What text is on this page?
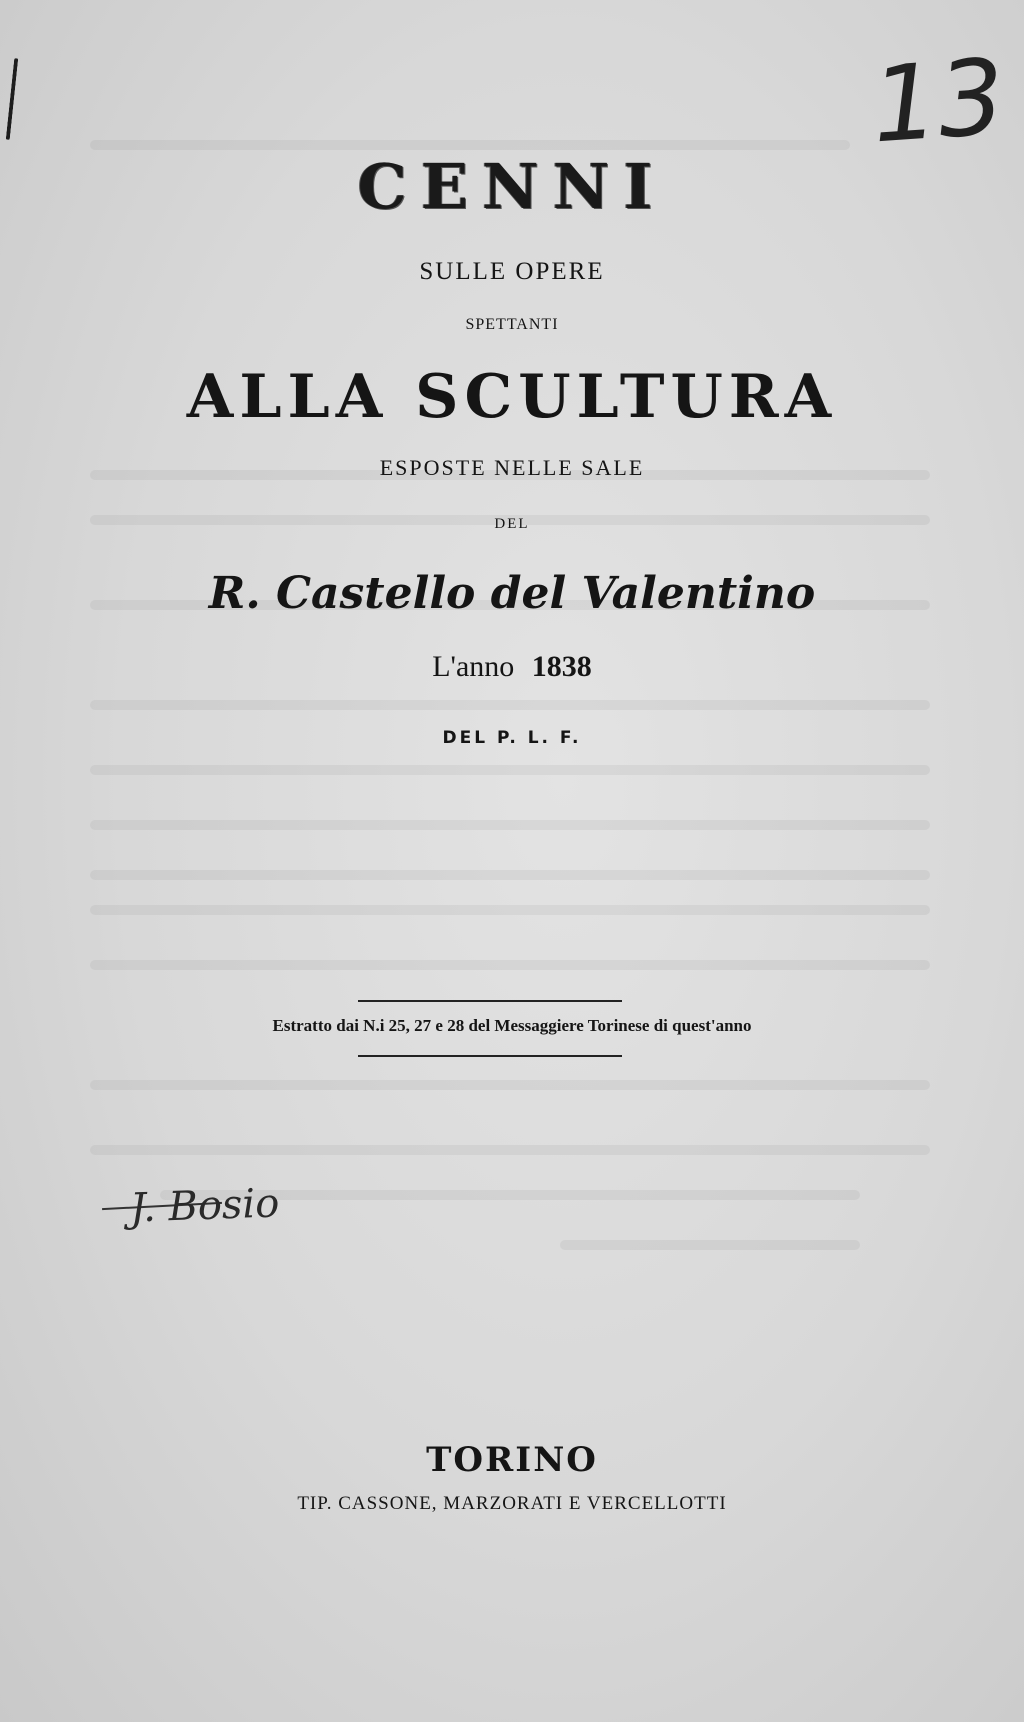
13
CENNI
SULLE OPERE
SPETTANTI
ALLA SCULTURA
ESPOSTE NELLE SALE
DEL
R. Castello del Valentino
L'anno 1838
DEL P. L. F.
Estratto dai N.i 25, 27 e 28 del Messaggiere Torinese di quest'anno
J. Bosio
TORINO
TIP. CASSONE, MARZORATI E VERCELLOTTI
